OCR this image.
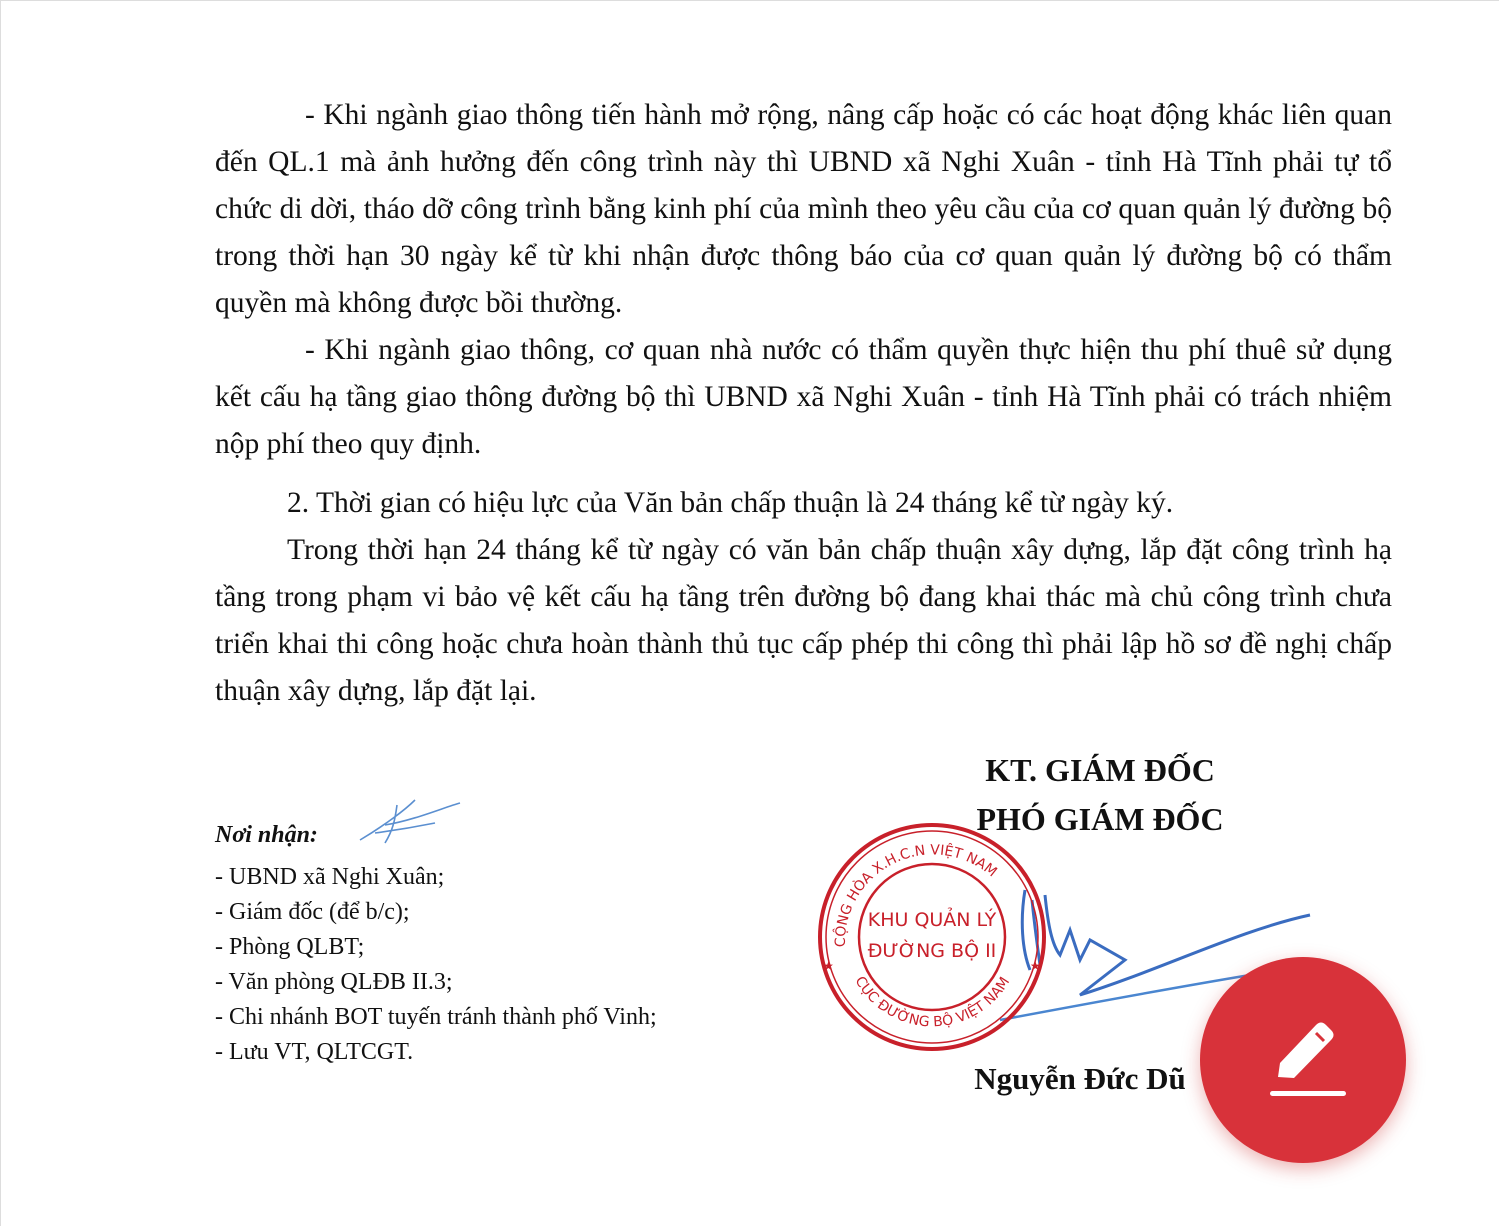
- Khi ngành giao thông tiến hành mở rộng, nâng cấp hoặc có các hoạt động khác liên quan đến QL.1 mà ảnh hưởng đến công trình này thì UBND xã Nghi Xuân - tỉnh Hà Tĩnh phải tự tổ chức di dời, tháo dỡ công trình bằng kinh phí của mình theo yêu cầu của cơ quan quản lý đường bộ trong thời hạn 30 ngày kể từ khi nhận được thông báo của cơ quan quản lý đường bộ có thẩm quyền mà không được bồi thường.

- Khi ngành giao thông, cơ quan nhà nước có thẩm quyền thực hiện thu phí thuê sử dụng kết cấu hạ tầng giao thông đường bộ thì UBND xã Nghi Xuân - tỉnh Hà Tĩnh phải có trách nhiệm nộp phí theo quy định.

2. Thời gian có hiệu lực của Văn bản chấp thuận là 24 tháng kể từ ngày ký.

Trong thời hạn 24 tháng kể từ ngày có văn bản chấp thuận xây dựng, lắp đặt công trình hạ tầng trong phạm vi bảo vệ kết cấu hạ tầng trên đường bộ đang khai thác mà chủ công trình chưa triển khai thi công hoặc chưa hoàn thành thủ tục cấp phép thi công thì phải lập hồ sơ đề nghị chấp thuận xây dựng, lắp đặt lại.

Nơi nhận:
- UBND xã Nghi Xuân;
- Giám đốc (để b/c);
- Phòng QLBT;
- Văn phòng QLĐB II.3;
- Chi nhánh BOT tuyến tránh thành phố Vinh;
- Lưu VT, QLTCGT.
KT. GIÁM ĐỐC
PHÓ GIÁM ĐỐC
Nguyễn Đức Dũ
CỘNG HÒA X.H.C.N VIỆT NAM
CỤC ĐƯỜNG BỘ VIỆT NAM
KHU QUẢN LÝ
ĐƯỜNG BỘ II
★	★
